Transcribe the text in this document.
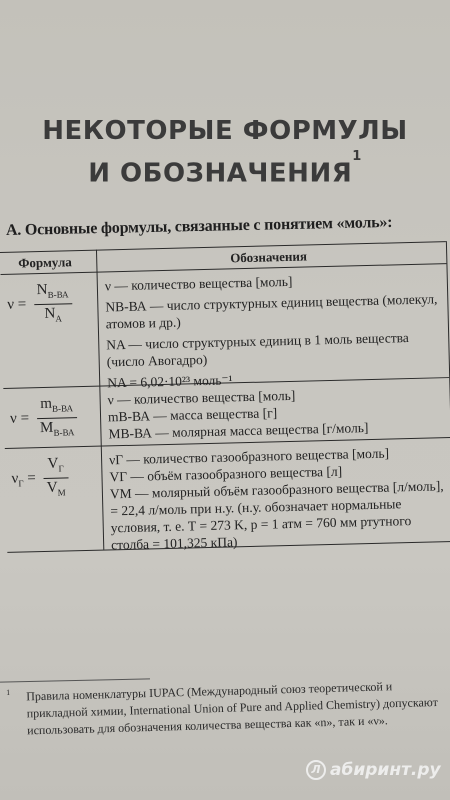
НЕКОТОРЫЕ ФОРМУЛЫ
И ОБОЗНАЧЕНИЯ$^1$
А. Основные формулы, связанные с понятием «моль»:
Формула	Обозначения
$\nu = \frac{N_{В-ВА}}{N_A}$ ν — количество вещества [моль]
NВ-ВА — число структурных единиц вещества (молекул, атомов и др.)
NA — число структурных единиц в 1 моль вещества (число Авогадро)
NA = 6,02·10²³ моль⁻¹
$\nu = \frac{m_{В-ВА}}{M_{В-ВА}}$ ν — количество вещества [моль]
mВ-ВА — масса вещества [г]
MВ-ВА — молярная масса вещества [г/моль]
$\nu_Г = \frac{V_Г}{V_M}$	νГ — количество газообразного вещества [моль]
VГ — объём газообразного вещества [л]
VM — молярный объём газообразного вещества [л/моль], = 22,4 л/моль при н.у. (н.у. обозначает нормальные условия, т. е. Т = 273 K, p = 1 атм = 760 мм ртутного столба = 101,325 кПа)
$^1$ Правила номенклатуры IUPAC (Международный союз теоретической и прикладной химии, International Union of Pure and Applied Chemistry) допускают использовать для обозначения количества вещества как «n», так и «ν».
Л абиринт.ру
